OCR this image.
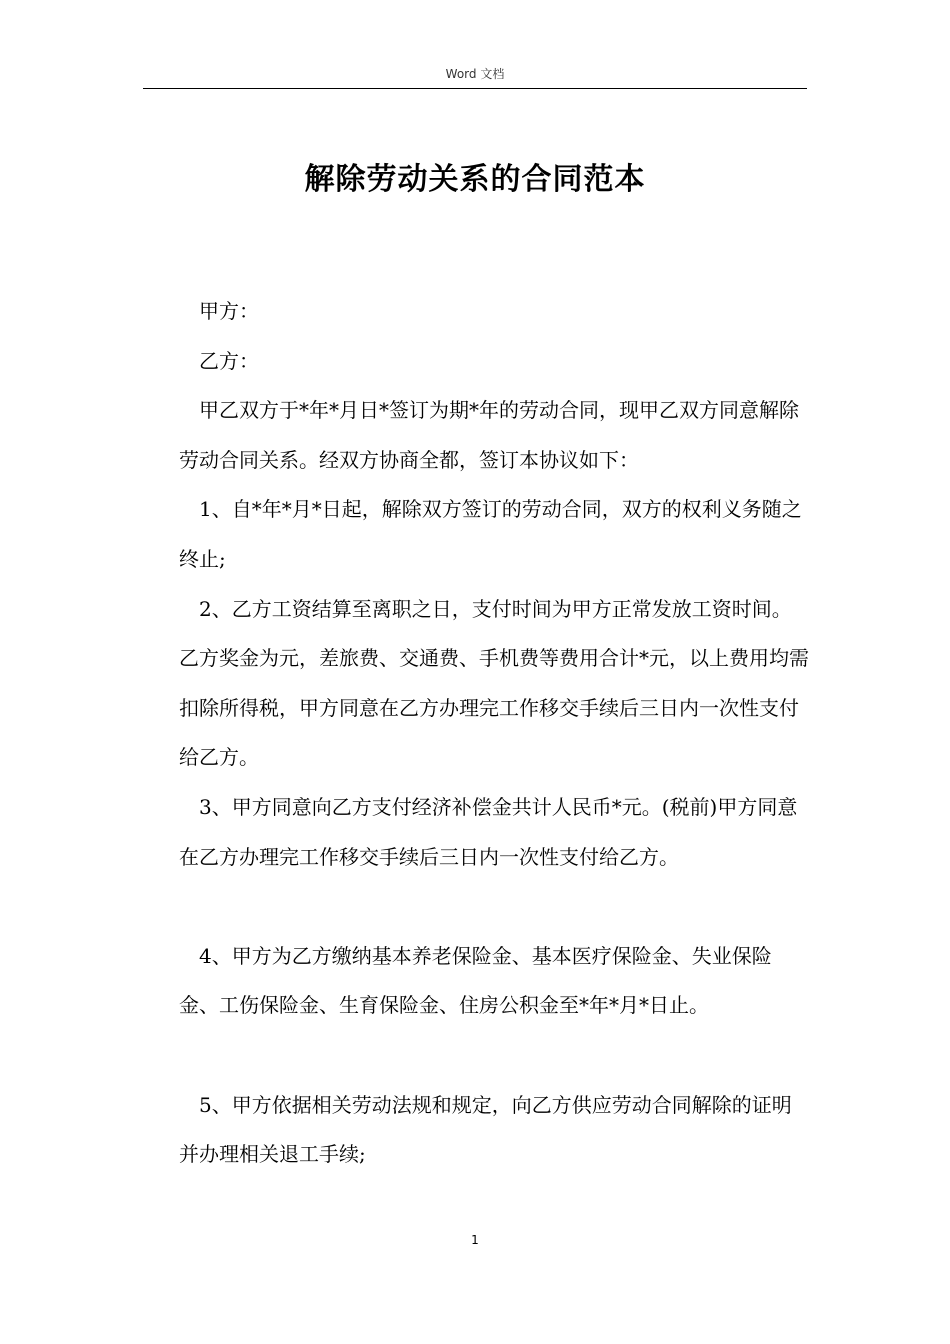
Word 文档
解除劳动关系的合同范本

甲方：

乙方：

甲乙双方于*年*月日*签订为期*年的劳动合同，现甲乙双方同意解除劳动合同关系。经双方协商全都，签订本协议如下：

1、自*年*月*日起，解除双方签订的劳动合同，双方的权利义务随之终止;

2、乙方工资结算至离职之日，支付时间为甲方正常发放工资时间。乙方奖金为元，差旅费、交通费、手机费等费用合计*元，以上费用均需扣除所得税，甲方同意在乙方办理完工作移交手续后三日内一次性支付给乙方。

3、甲方同意向乙方支付经济补偿金共计人民币*元。(税前)甲方同意在乙方办理完工作移交手续后三日内一次性支付给乙方。

4、甲方为乙方缴纳基本养老保险金、基本医疗保险金、失业保险金、工伤保险金、生育保险金、住房公积金至*年*月*日止。

5、甲方依据相关劳动法规和规定，向乙方供应劳动合同解除的证明并办理相关退工手续;

1
